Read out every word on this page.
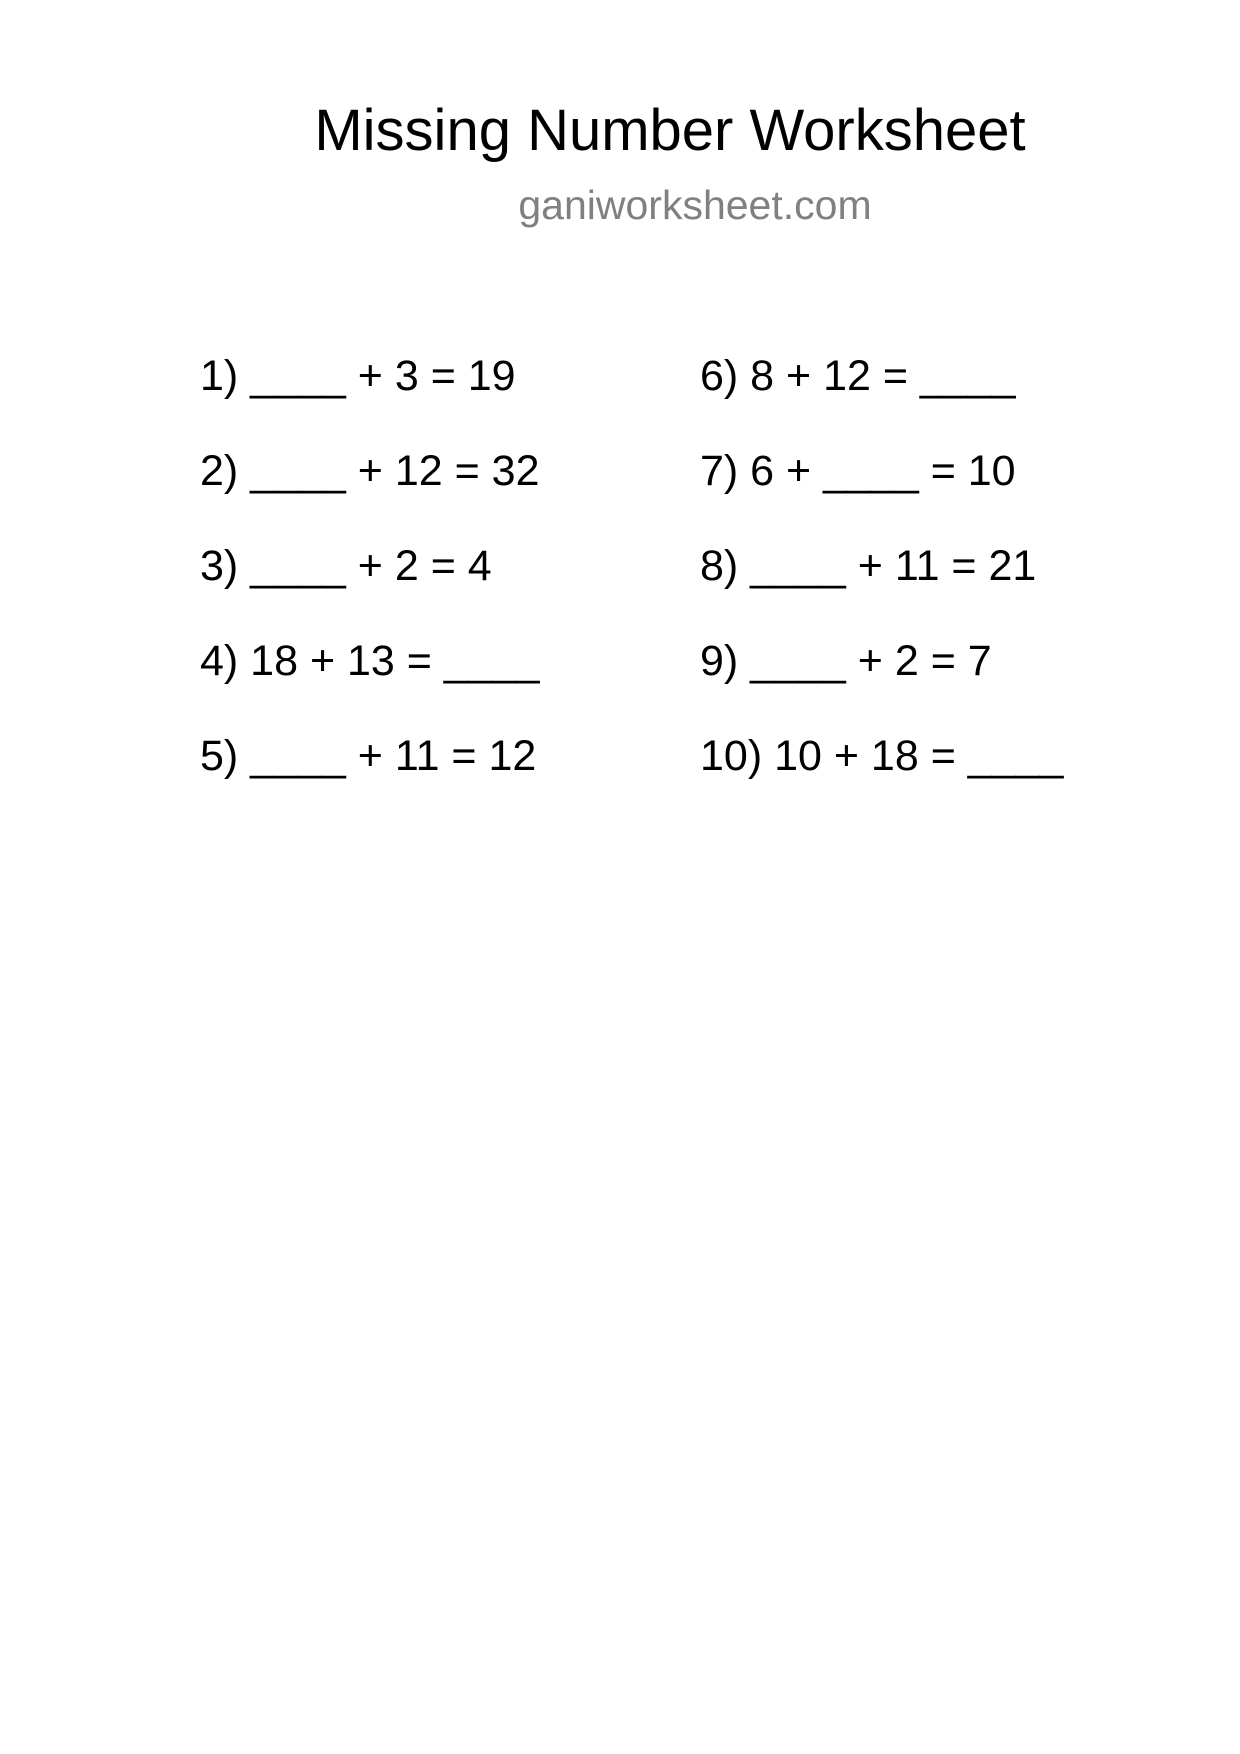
Missing Number Worksheet
ganiworksheet.com
1) ____ + 3 = 19
2) ____ + 12 = 32
3) ____ + 2 = 4
4) 18 + 13 = ____
5) ____ + 11 = 12
6) 8 + 12 = ____
7) 6 + ____ = 10
8) ____ + 11 = 21
9) ____ + 2 = 7
10) 10 + 18 = ____
